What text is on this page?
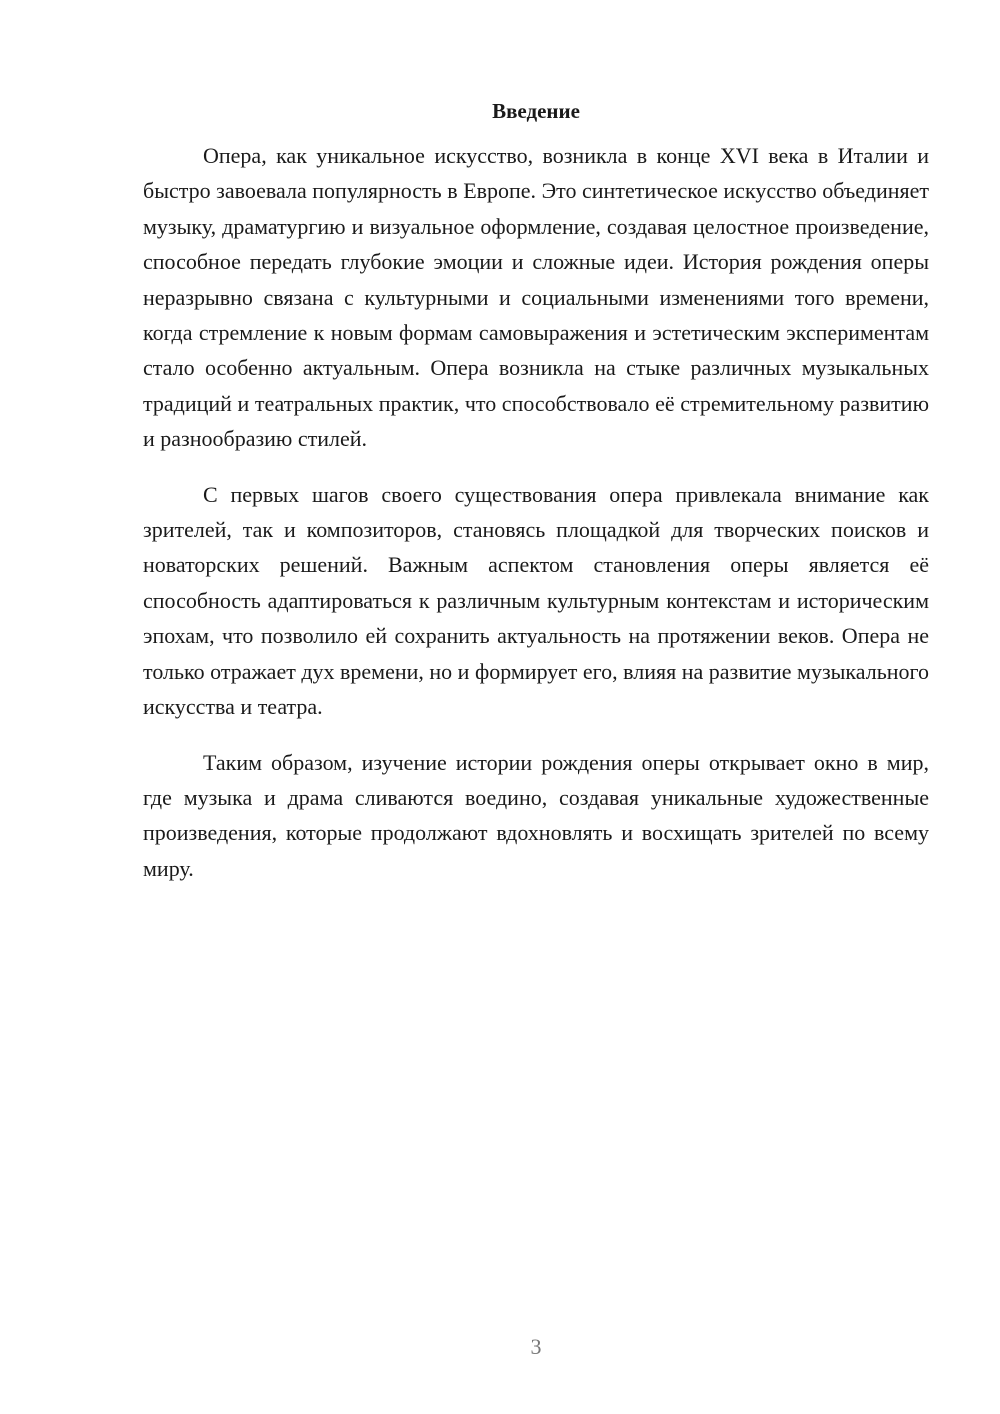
Введение

Опера, как уникальное искусство, возникла в конце XVI века в Италии и быстро завоевала популярность в Европе. Это синтетическое искусство объединяет музыку, драматургию и визуальное оформление, создавая целостное произведение, способное передать глубокие эмоции и сложные идеи. История рождения оперы неразрывно связана с культурными и социальными изменениями того времени, когда стремление к новым формам самовыражения и эстетическим экспериментам стало особенно актуальным. Опера возникла на стыке различных музыкальных традиций и театральных практик, что способствовало её стремительному развитию и разнообразию стилей.

С первых шагов своего существования опера привлекала внимание как зрителей, так и композиторов, становясь площадкой для творческих поисков и новаторских решений. Важным аспектом становления оперы является её способность адаптироваться к различным культурным контекстам и историческим эпохам, что позволило ей сохранить актуальность на протяжении веков. Опера не только отражает дух времени, но и формирует его, влияя на развитие музыкального искусства и театра.

Таким образом, изучение истории рождения оперы открывает окно в мир, где музыка и драма сливаются воедино, создавая уникальные художественные произведения, которые продолжают вдохновлять и восхищать зрителей по всему миру.

3
